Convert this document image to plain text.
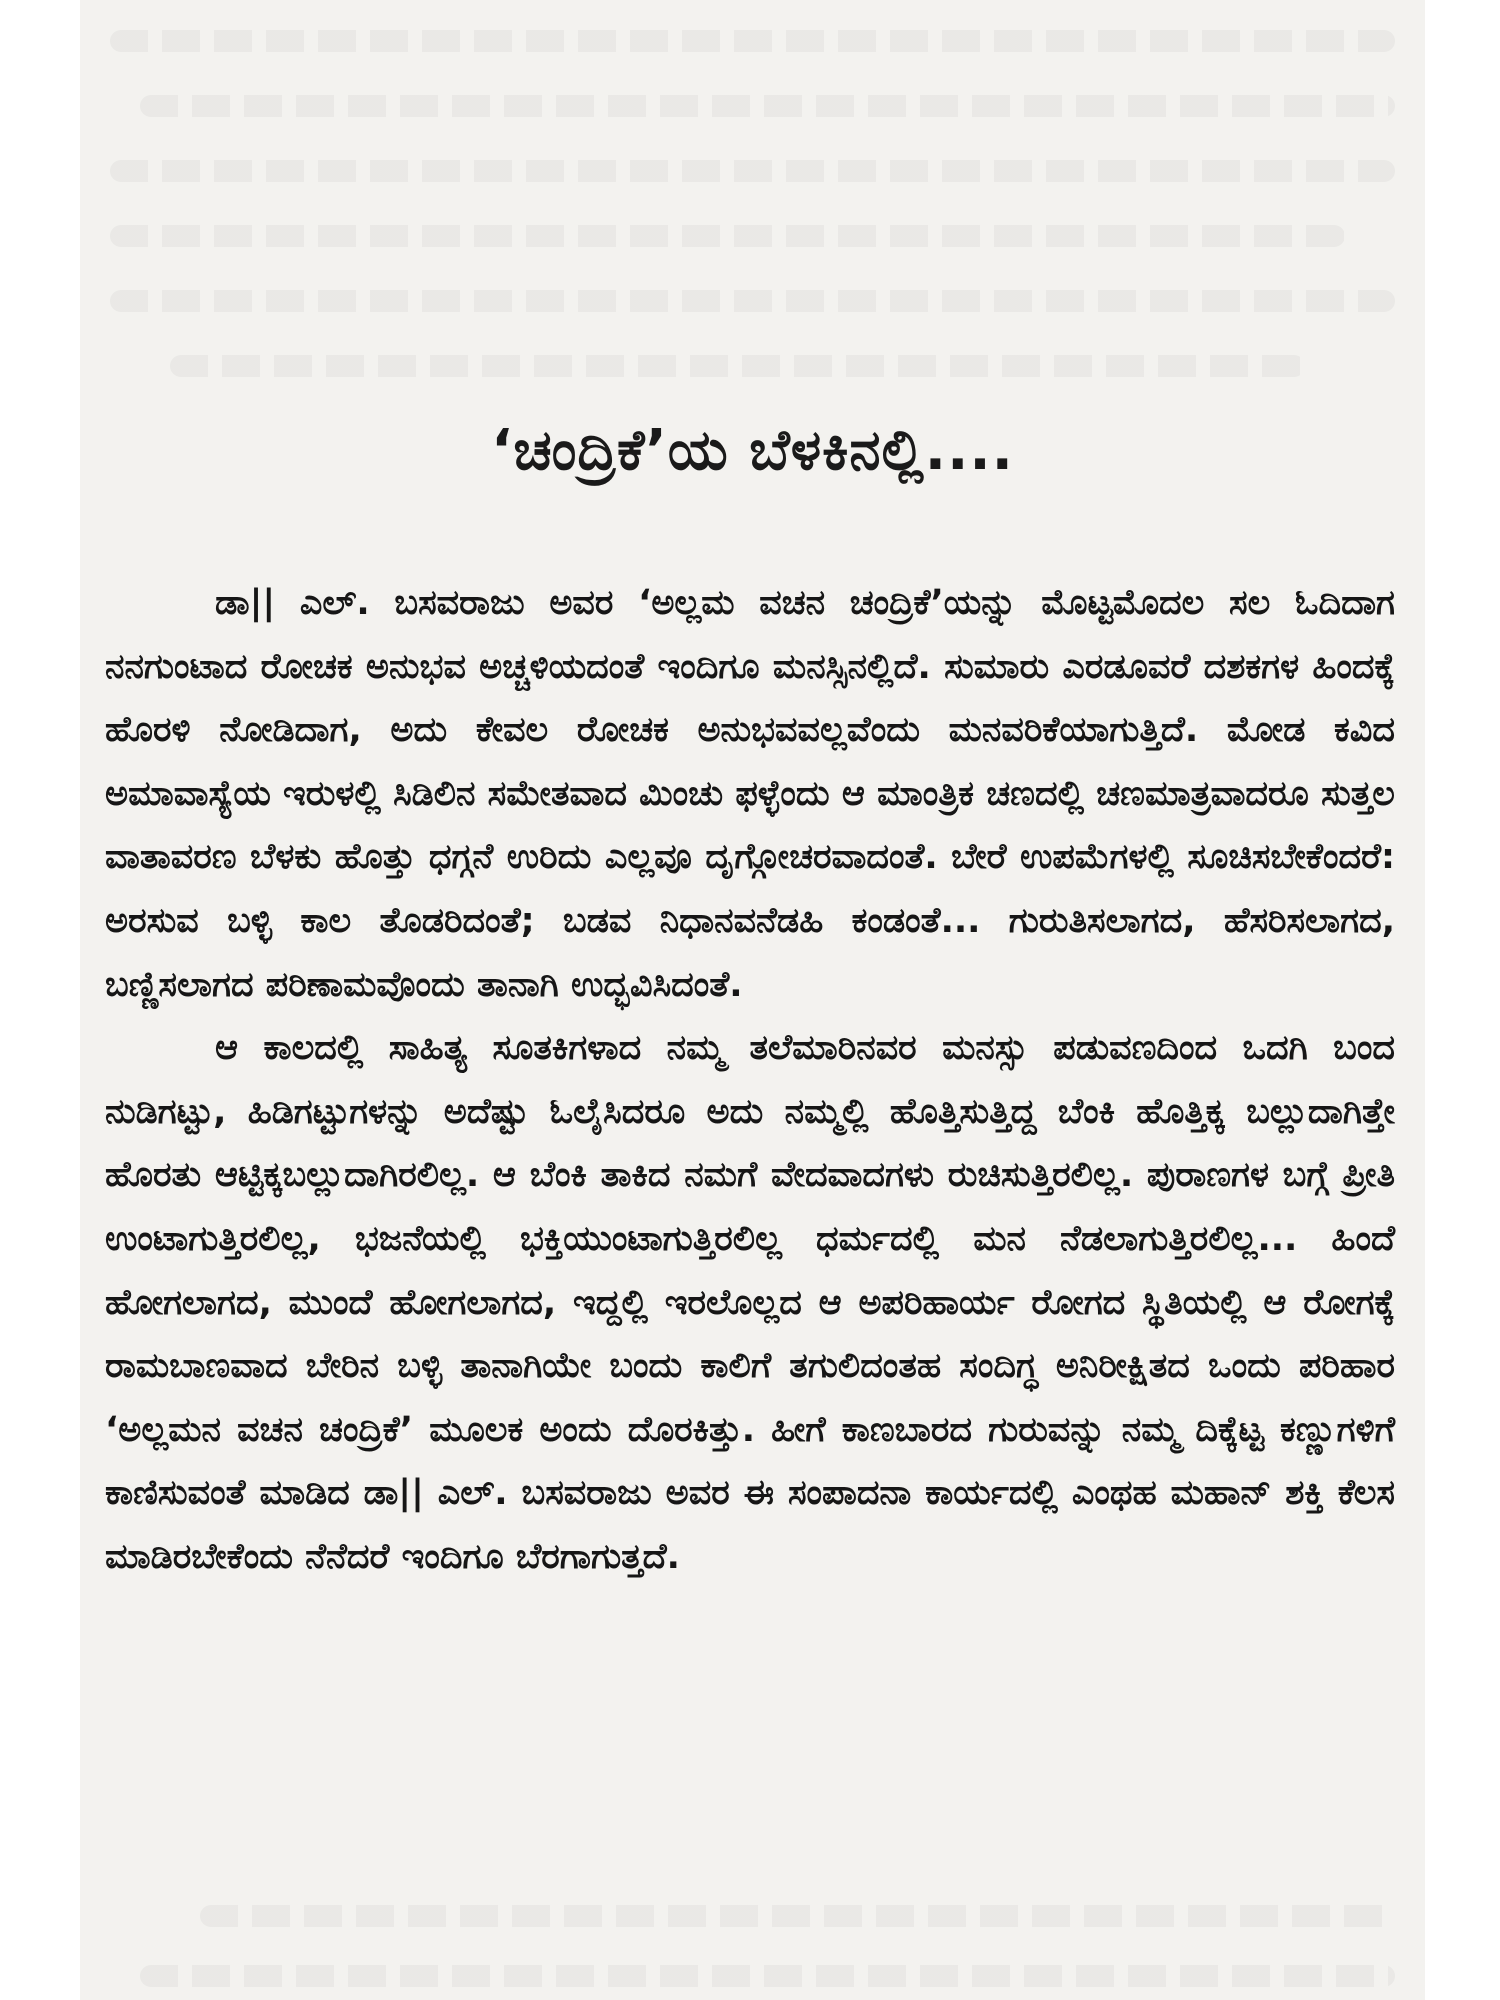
‘ಚಂದ್ರಿಕೆ’ಯ ಬೆಳಕಿನಲ್ಲಿ....

ಡಾ|| ಎಲ್. ಬಸವರಾಜು ಅವರ ‘ಅಲ್ಲಮ ವಚನ ಚಂದ್ರಿಕೆ’ಯನ್ನು ಮೊಟ್ಟಮೊದಲ ಸಲ ಓದಿದಾಗ ನನಗುಂಟಾದ ರೋಚಕ ಅನುಭವ ಅಚ್ಚಳಿಯದಂತೆ ಇಂದಿಗೂ ಮನಸ್ಸಿನಲ್ಲಿದೆ. ಸುಮಾರು ಎರಡೂವರೆ ದಶಕಗಳ ಹಿಂದಕ್ಕೆ ಹೊರಳಿ ನೋಡಿದಾಗ, ಅದು ಕೇವಲ ರೋಚಕ ಅನುಭವವಲ್ಲವೆಂದು ಮನವರಿಕೆಯಾಗುತ್ತಿದೆ. ಮೋಡ ಕವಿದ ಅಮಾವಾಸ್ಯೆಯ ಇರುಳಲ್ಲಿ ಸಿಡಿಲಿನ ಸಮೇತವಾದ ಮಿಂಚು ಫಳ್ಳೆಂದು ಆ ಮಾಂತ್ರಿಕ ಚಣದಲ್ಲಿ ಚಣಮಾತ್ರವಾದರೂ ಸುತ್ತಲ ವಾತಾವರಣ ಬೆಳಕು ಹೊತ್ತು ಧಗ್ಗನೆ ಉರಿದು ಎಲ್ಲವೂ ದೃಗ್ಗೋಚರವಾದಂತೆ. ಬೇರೆ ಉಪಮೆಗಳಲ್ಲಿ ಸೂಚಿಸಬೇಕೆಂದರೆ: ಅರಸುವ ಬಳ್ಳಿ ಕಾಲ ತೊಡರಿದಂತೆ; ಬಡವ ನಿಧಾನವನೆಡಹಿ ಕಂಡಂತೆ... ಗುರುತಿಸಲಾಗದ, ಹೆಸರಿಸಲಾಗದ, ಬಣ್ಣಿಸಲಾಗದ ಪರಿಣಾಮವೊಂದು ತಾನಾಗಿ ಉದ್ಭವಿಸಿದಂತೆ.

ಆ ಕಾಲದಲ್ಲಿ ಸಾಹಿತ್ಯ ಸೂತಕಿಗಳಾದ ನಮ್ಮ ತಲೆಮಾರಿನವರ ಮನಸ್ಸು ಪಡುವಣದಿಂದ ಒದಗಿ ಬಂದ ನುಡಿಗಟ್ಟು, ಹಿಡಿಗಟ್ಟುಗಳನ್ನು ಅದೆಷ್ಟು ಓಲೈಸಿದರೂ ಅದು ನಮ್ಮಲ್ಲಿ ಹೊತ್ತಿಸುತ್ತಿದ್ದ ಬೆಂಕಿ ಹೊತ್ತಿಕ್ಕ ಬಲ್ಲುದಾಗಿತ್ತೇ ಹೊರತು ಆಟ್ಟಿಕ್ಕಬಲ್ಲುದಾಗಿರಲಿಲ್ಲ. ಆ ಬೆಂಕಿ ತಾಕಿದ ನಮಗೆ ವೇದವಾದಗಳು ರುಚಿಸುತ್ತಿರಲಿಲ್ಲ. ಪುರಾಣಗಳ ಬಗ್ಗೆ ಪ್ರೀತಿ ಉಂಟಾಗುತ್ತಿರಲಿಲ್ಲ, ಭಜನೆಯಲ್ಲಿ ಭಕ್ತಿಯುಂಟಾಗುತ್ತಿರಲಿಲ್ಲ ಧರ್ಮದಲ್ಲಿ ಮನ ನೆಡಲಾಗುತ್ತಿರಲಿಲ್ಲ... ಹಿಂದೆ ಹೋಗಲಾಗದ, ಮುಂದೆ ಹೋಗಲಾಗದ, ಇದ್ದಲ್ಲಿ ಇರಲೊಲ್ಲದ ಆ ಅಪರಿಹಾರ್ಯ ರೋಗದ ಸ್ಥಿತಿಯಲ್ಲಿ ಆ ರೋಗಕ್ಕೆ ರಾಮಬಾಣವಾದ ಬೇರಿನ ಬಳ್ಳಿ ತಾನಾಗಿಯೇ ಬಂದು ಕಾಲಿಗೆ ತಗುಲಿದಂತಹ ಸಂದಿಗ್ಧ ಅನಿರೀಕ್ಷಿತದ ಒಂದು ಪರಿಹಾರ ‘ಅಲ್ಲಮನ ವಚನ ಚಂದ್ರಿಕೆ’ ಮೂಲಕ ಅಂದು ದೊರಕಿತ್ತು. ಹೀಗೆ ಕಾಣಬಾರದ ಗುರುವನ್ನು ನಮ್ಮ ದಿಕ್ಕೆಟ್ಟ ಕಣ್ಣುಗಳಿಗೆ ಕಾಣಿಸುವಂತೆ ಮಾಡಿದ ಡಾ|| ಎಲ್. ಬಸವರಾಜು ಅವರ ಈ ಸಂಪಾದನಾ ಕಾರ್ಯದಲ್ಲಿ ಎಂಥಹ ಮಹಾನ್ ಶಕ್ತಿ ಕೆಲಸ ಮಾಡಿರಬೇಕೆಂದು ನೆನೆದರೆ ಇಂದಿಗೂ ಬೆರಗಾಗುತ್ತದೆ.
